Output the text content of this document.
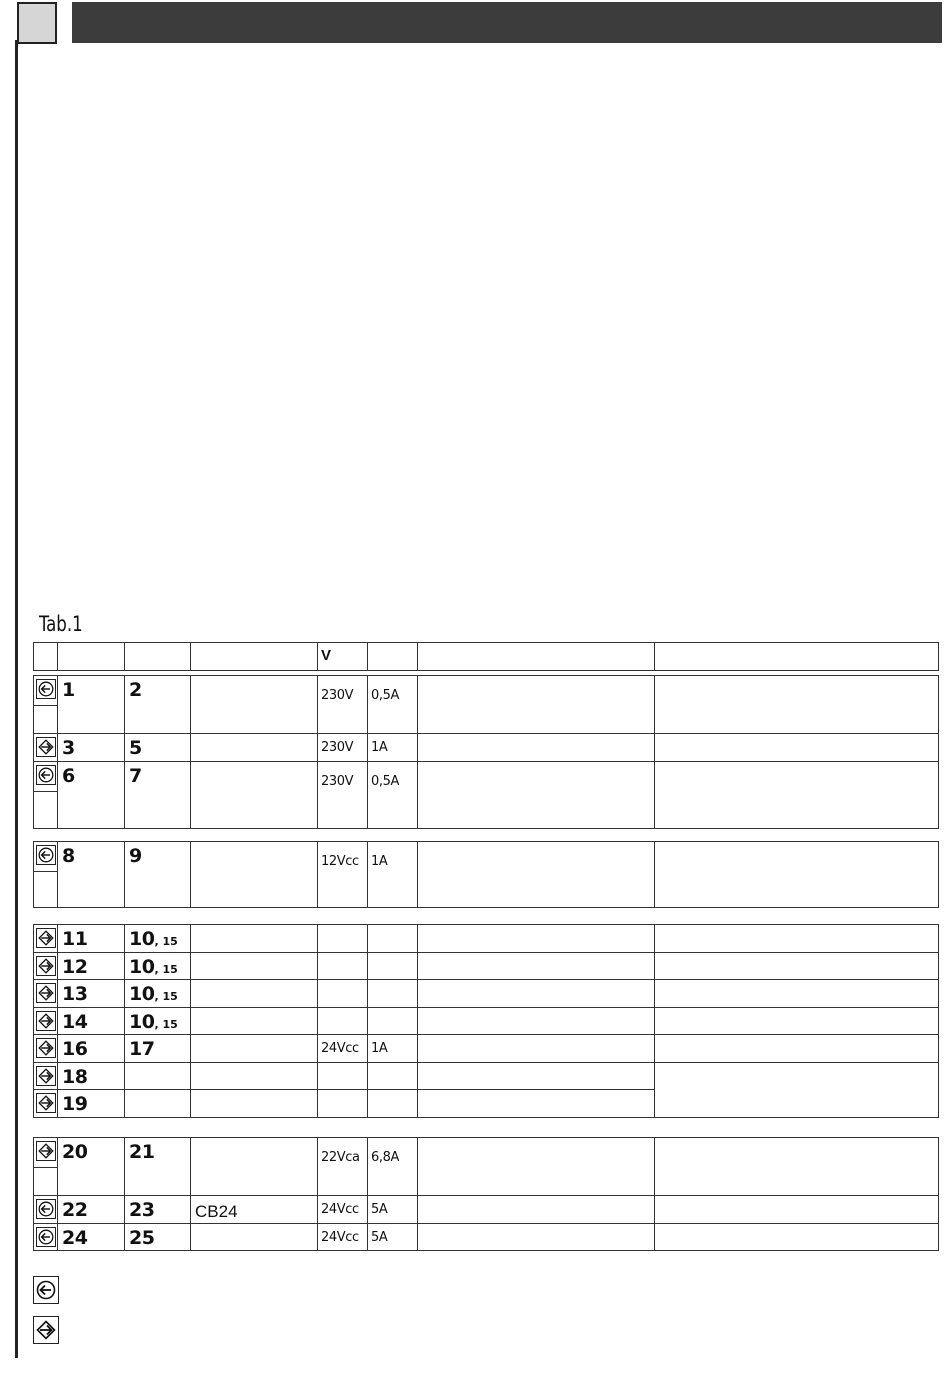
Tab.1
				V			
	1	2		230V	0,5A		

	3	5		230V	1A		

	6	7		230V	0,5A		
	8	9		12Vcc	1A		
	11	10, 15					

	12	10, 15					

	13	10, 15					

	14	10, 15					

	16	17		24Vcc	1A		

	18						

	19						
	20	21		22Vca	6,8A		

	22	23	CB24	24Vcc	5A		

	24	25		24Vcc	5A		
